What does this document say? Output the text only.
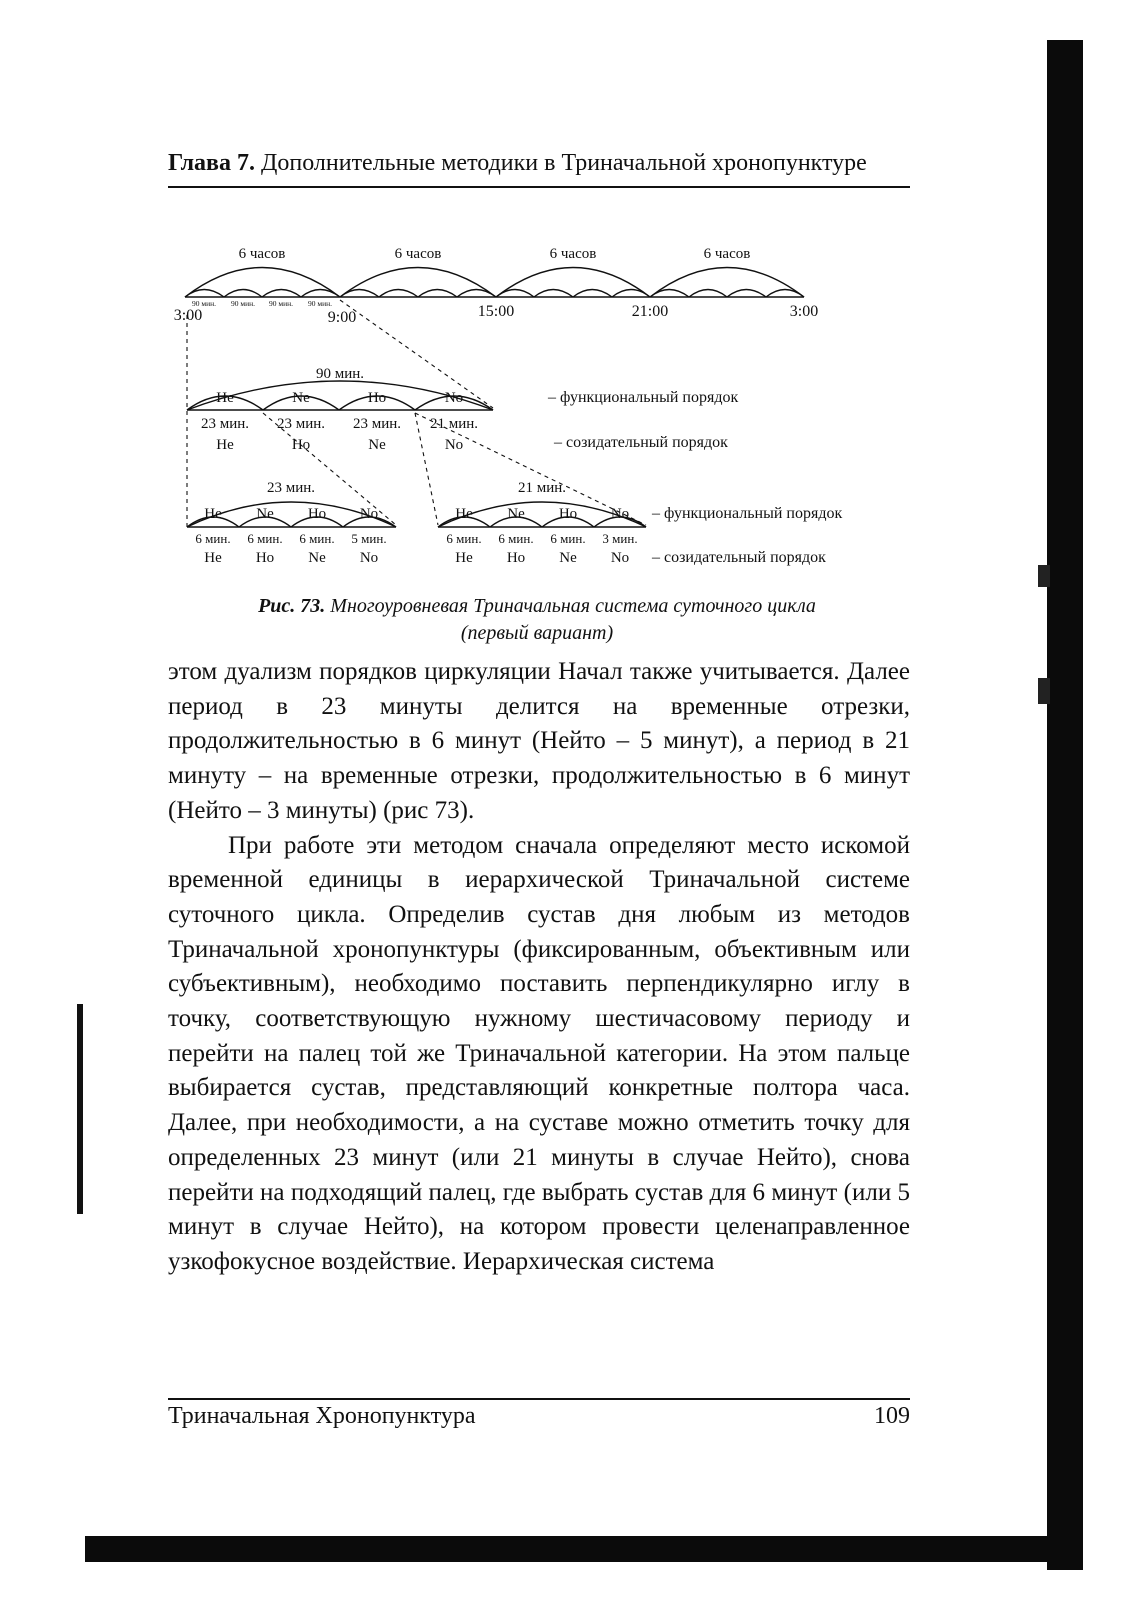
Глава 7. Дополнительные методики в Триначальной хронопунктуре
6 часов	6 часов	6 часов	6 часов
90 мин. 90 мин. 90 мин. 90 мин.
3:00	9:00	15:00	21:00	3:00
90 мин.
He	Ne	Ho	No
23 мин. 23 мин. 23 мин. 21 мин.
He	Ho	Ne	No
– функциональный порядок
– созидательный порядок
23 мин.
He Ne Ho No
He Ho Ne No
6 мин. 6 мин. 6 мин. 5 мин.
21 мин.
He Ne Ho No
He Ho Ne No
6 мин. 6 мин. 6 мин. 3 мин.
– функциональный порядок
– созидательный порядок
Рис. 73. Многоуровневая Триначальная система суточного цикла
(первый вариант)

этом дуализм порядков циркуляции Начал также учитывается. Далее период в 23 минуты делится на временные отрезки, продолжительностью в 6 минут (Нейто – 5 минут), а период в 21 минуту – на временные отрезки, продолжительностью в 6 минут (Нейто – 3 минуты) (рис 73).

При работе эти методом сначала определяют место искомой временной единицы в иерархической Триначальной системе суточного цикла. Определив сустав дня любым из методов Триначальной хронопунктуры (фиксированным, объективным или субъективным), необходимо поставить перпендикулярно иглу в точку, соответствующую нужному шестичасовому периоду и перейти на палец той же Триначальной категории. На этом пальце выбирается сустав, представляющий конкретные полтора часа. Далее, при необходимости, а на суставе можно отметить точку для определенных 23 минут (или 21 минуты в случае Нейто), снова перейти на подходящий палец, где выбрать сустав для 6 минут (или 5 минут в случае Нейто), на котором провести целенаправленное узкофокусное воздействие. Иерархическая система

Триначальная Хронопунктура	109
